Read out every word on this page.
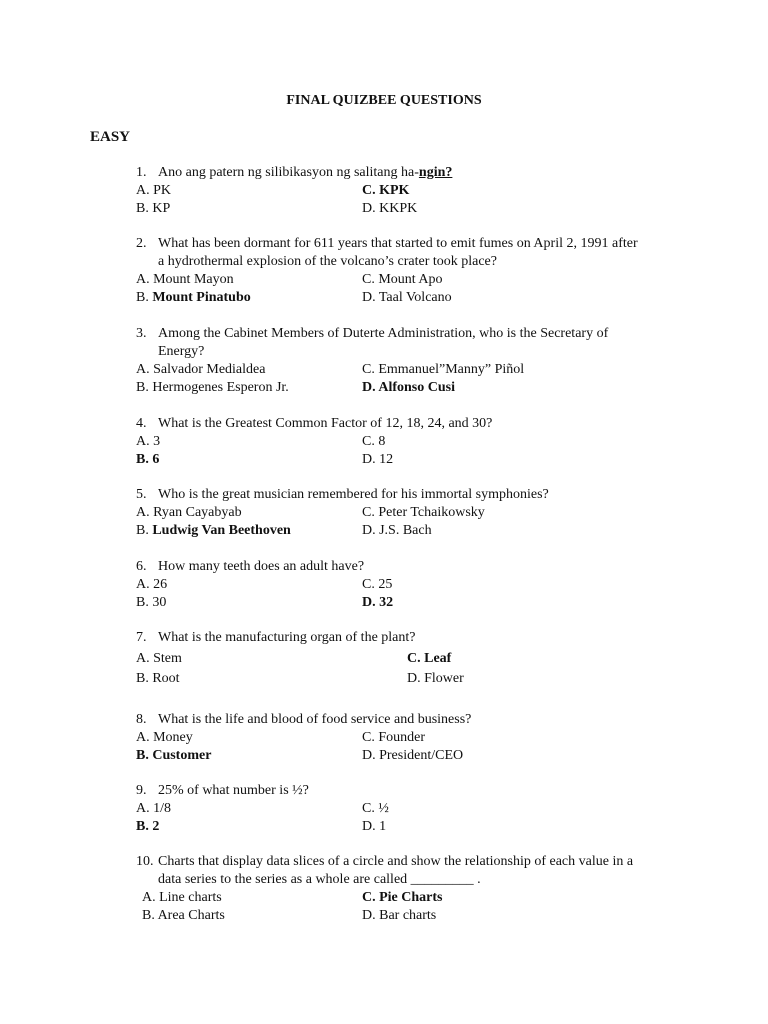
FINAL QUIZBEE QUESTIONS
EASY
1. Ano ang patern ng silibikasyon ng salitang ha-ngin?
A. PK	C. KPK
B. KP	D. KKPK
2. What has been dormant for 611 years that started to emit fumes on April 2, 1991 after
a hydrothermal explosion of the volcano’s crater took place?
A. Mount Mayon	C. Mount Apo
B. Mount Pinatubo	D. Taal Volcano
3. Among the Cabinet Members of Duterte Administration, who is the Secretary of
Energy?
A. Salvador Medialdea	C. Emmanuel”Manny” Piñol
B. Hermogenes Esperon Jr.	D. Alfonso Cusi
4. What is the Greatest Common Factor of 12, 18, 24, and 30?
A. 3	C. 8
B. 6	D. 12
5. Who is the great musician remembered for his immortal symphonies?
A. Ryan Cayabyab	C. Peter Tchaikowsky
B. Ludwig Van Beethoven	D. J.S. Bach
6. How many teeth does an adult have?
A. 26	C. 25
B. 30	D. 32
7. What is the manufacturing organ of the plant?
A. Stem	C. Leaf
B. Root	D. Flower
8. What is the life and blood of food service and business?
A. Money	C. Founder
B. Customer	D. President/CEO
9. 25% of what number is ½?
A. 1/8	C. ½
B. 2	D. 1
10. Charts that display data slices of a circle and show the relationship of each value in a
data series to the series as a whole are called _________ .
A. Line charts	C. Pie Charts
B. Area Charts	D. Bar charts
